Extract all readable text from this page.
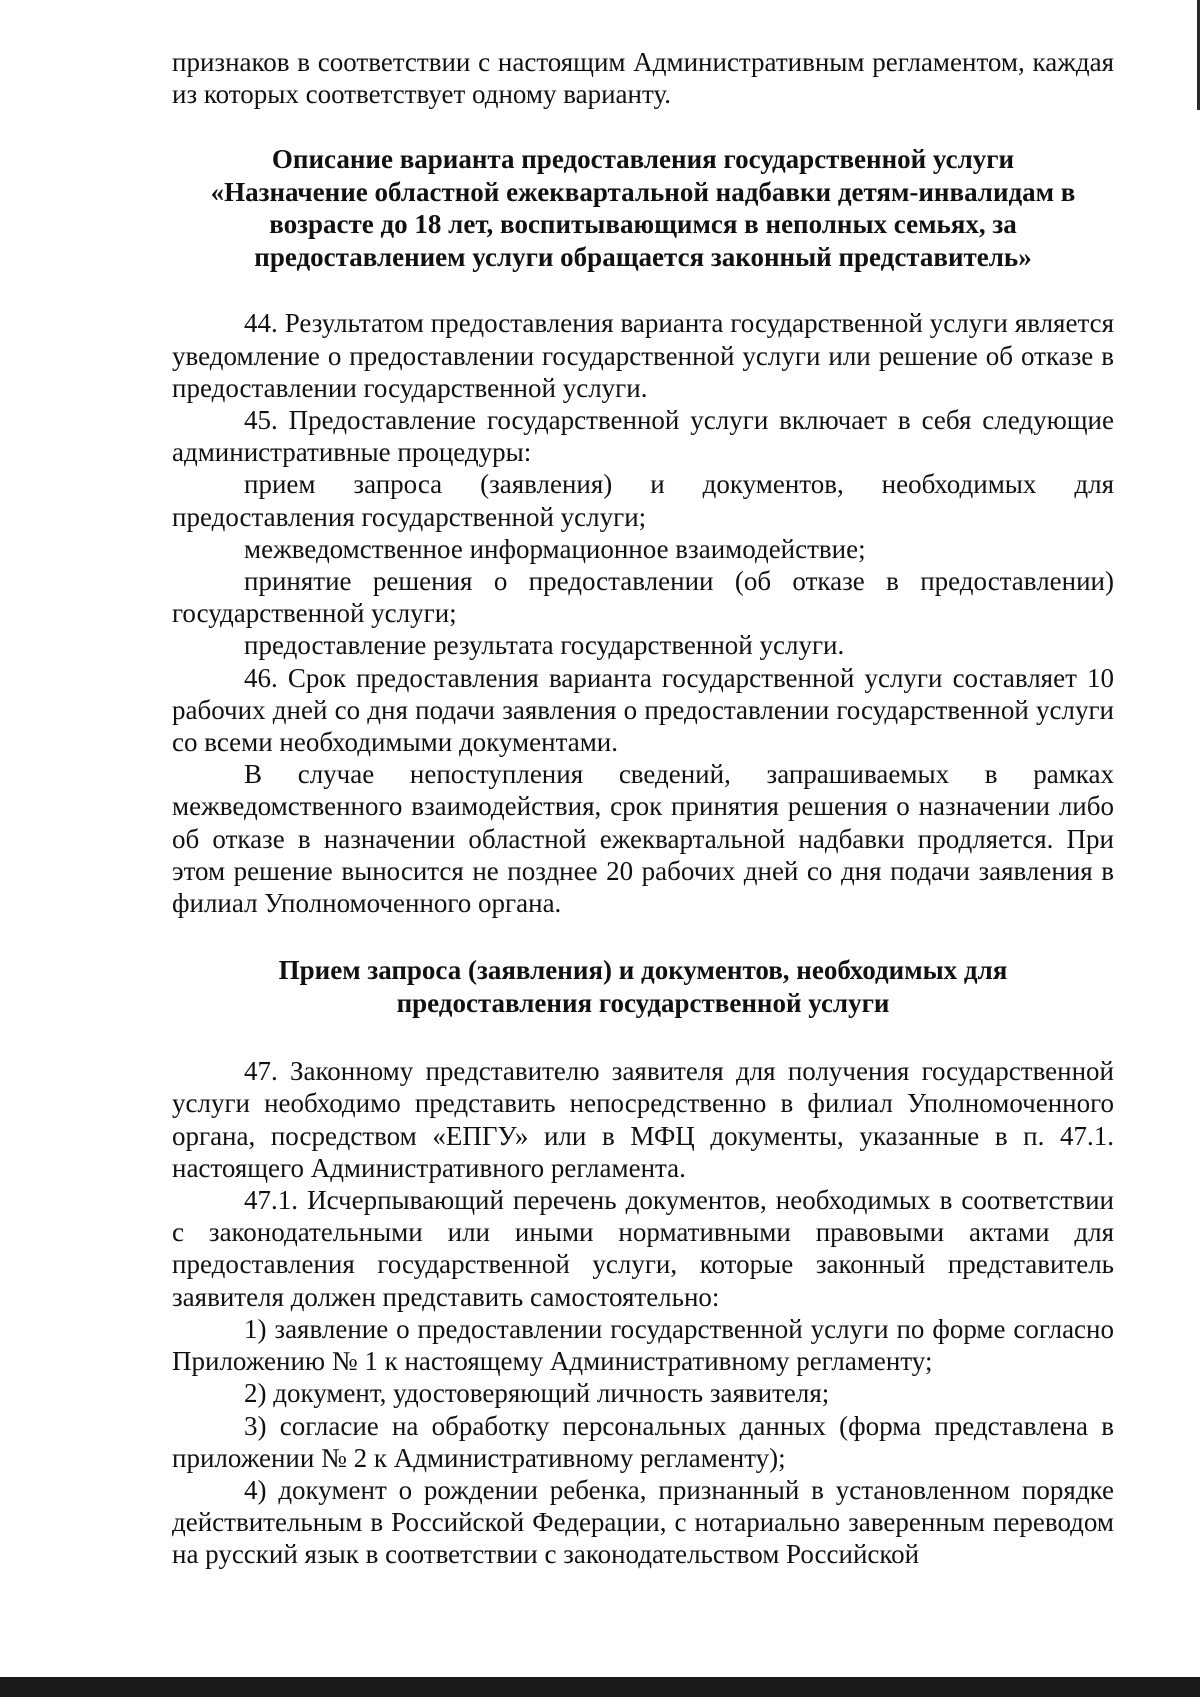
признаков в соответствии с настоящим Административным регламентом, каждая из которых соответствует одному варианту.

Описание варианта предоставления государственной услуги
«Назначение областной ежеквартальной надбавки детям-инвалидам в
возрасте до 18 лет, воспитывающимся в неполных семьях, за
предоставлением услуги обращается законный представитель»

44. Результатом предоставления варианта государственной услуги является уведомление о предоставлении государственной услуги или решение об отказе в предоставлении государственной услуги.

45. Предоставление государственной услуги включает в себя следующие административные процедуры:

прием запроса (заявления) и документов, необходимых для предоставления государственной услуги;

межведомственное информационное взаимодействие;

принятие решения о предоставлении (об отказе в предоставлении) государственной услуги;

предоставление результата государственной услуги.

46. Срок предоставления варианта государственной услуги составляет 10 рабочих дней со дня подачи заявления о предоставлении государственной услуги со всеми необходимыми документами.

В случае непоступления сведений, запрашиваемых в рамках межведомственного взаимодействия, срок принятия решения о назначении либо об отказе в назначении областной ежеквартальной надбавки продляется. При этом решение выносится не позднее 20 рабочих дней со дня подачи заявления в филиал Уполномоченного органа.

Прием запроса (заявления) и документов, необходимых для
предоставления государственной услуги

47. Законному представителю заявителя для получения государственной услуги необходимо представить непосредственно в филиал Уполномоченного органа, посредством «ЕПГУ» или в МФЦ документы, указанные в п. 47.1. настоящего Административного регламента.

47.1. Исчерпывающий перечень документов, необходимых в соответствии с законодательными или иными нормативными правовыми актами для предоставления государственной услуги, которые законный представитель заявителя должен представить самостоятельно:

1) заявление о предоставлении государственной услуги по форме согласно Приложению № 1 к настоящему Административному регламенту;

2) документ, удостоверяющий личность заявителя;

3) согласие на обработку персональных данных (форма представлена в приложении № 2 к Административному регламенту);

4) документ о рождении ребенка, признанный в установленном порядке действительным в Российской Федерации, с нотариально заверенным переводом на русский язык в соответствии с законодательством Российской
